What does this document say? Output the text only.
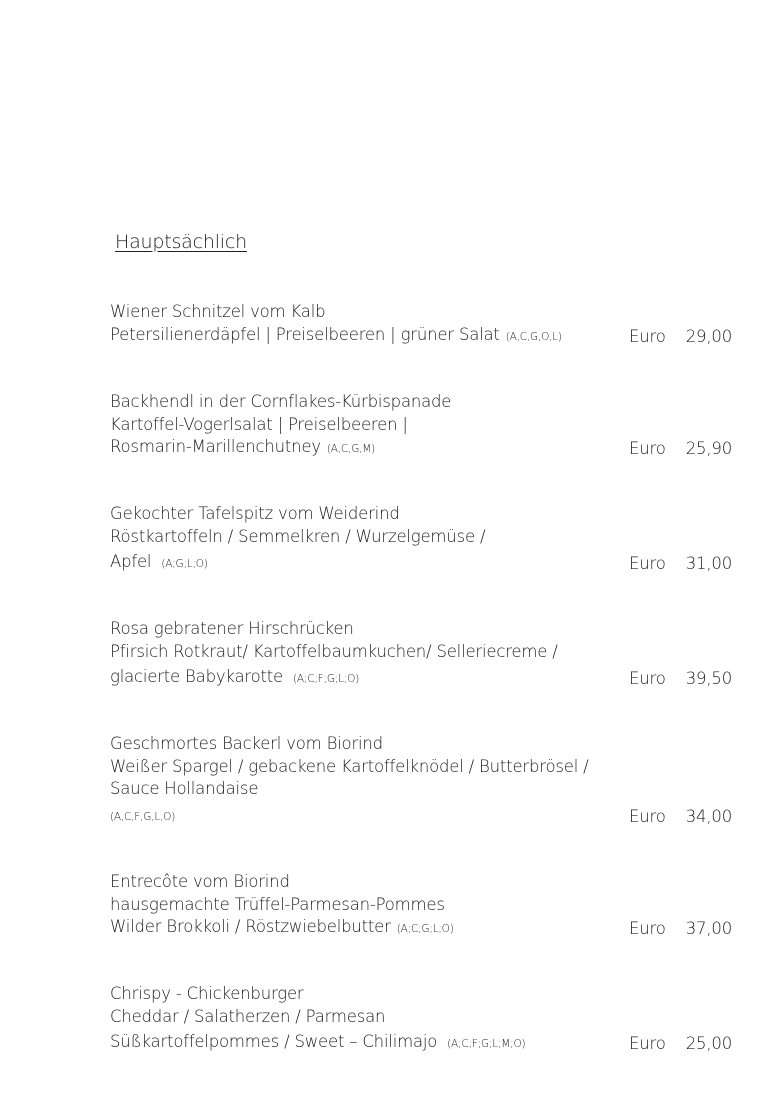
Hauptsächlich
Wiener Schnitzel vom Kalb
Petersilienerdäpfel | Preiselbeeren | grüner Salat (A,C,G,O,L)	Euro 29,00
Backhendl in der Cornflakes-Kürbispanade
Kartoffel-Vogerlsalat | Preiselbeeren |
Rosmarin-Marillenchutney (A,C,G,M)	Euro 25,90
Gekochter Tafelspitz vom Weiderind
Röstkartoffeln / Semmelkren / Wurzelgemüse /
Apfel (A;G;L;O)	Euro 31,00
Rosa gebratener Hirschrücken
Pfirsich Rotkraut/ Kartoffelbaumkuchen/ Selleriecreme /
glacierte Babykarotte (A;C;F;G;L;O)	Euro 39,50
Geschmortes Backerl vom Biorind
Weißer Spargel / gebackene Kartoffelknödel / Butterbrösel /
Sauce Hollandaise
(A,C,F,G,L,O)	Euro 34,00
Entrecôte vom Biorind
hausgemachte Trüffel-Parmesan-Pommes
Wilder Brokkoli / Röstzwiebelbutter (A;C;G;L;O)	Euro 37,00
Chrispy - Chickenburger
Cheddar / Salatherzen / Parmesan
Süßkartoffelpommes / Sweet – Chilimajo (A;C;F;G;L;M;O)	Euro 25,00
